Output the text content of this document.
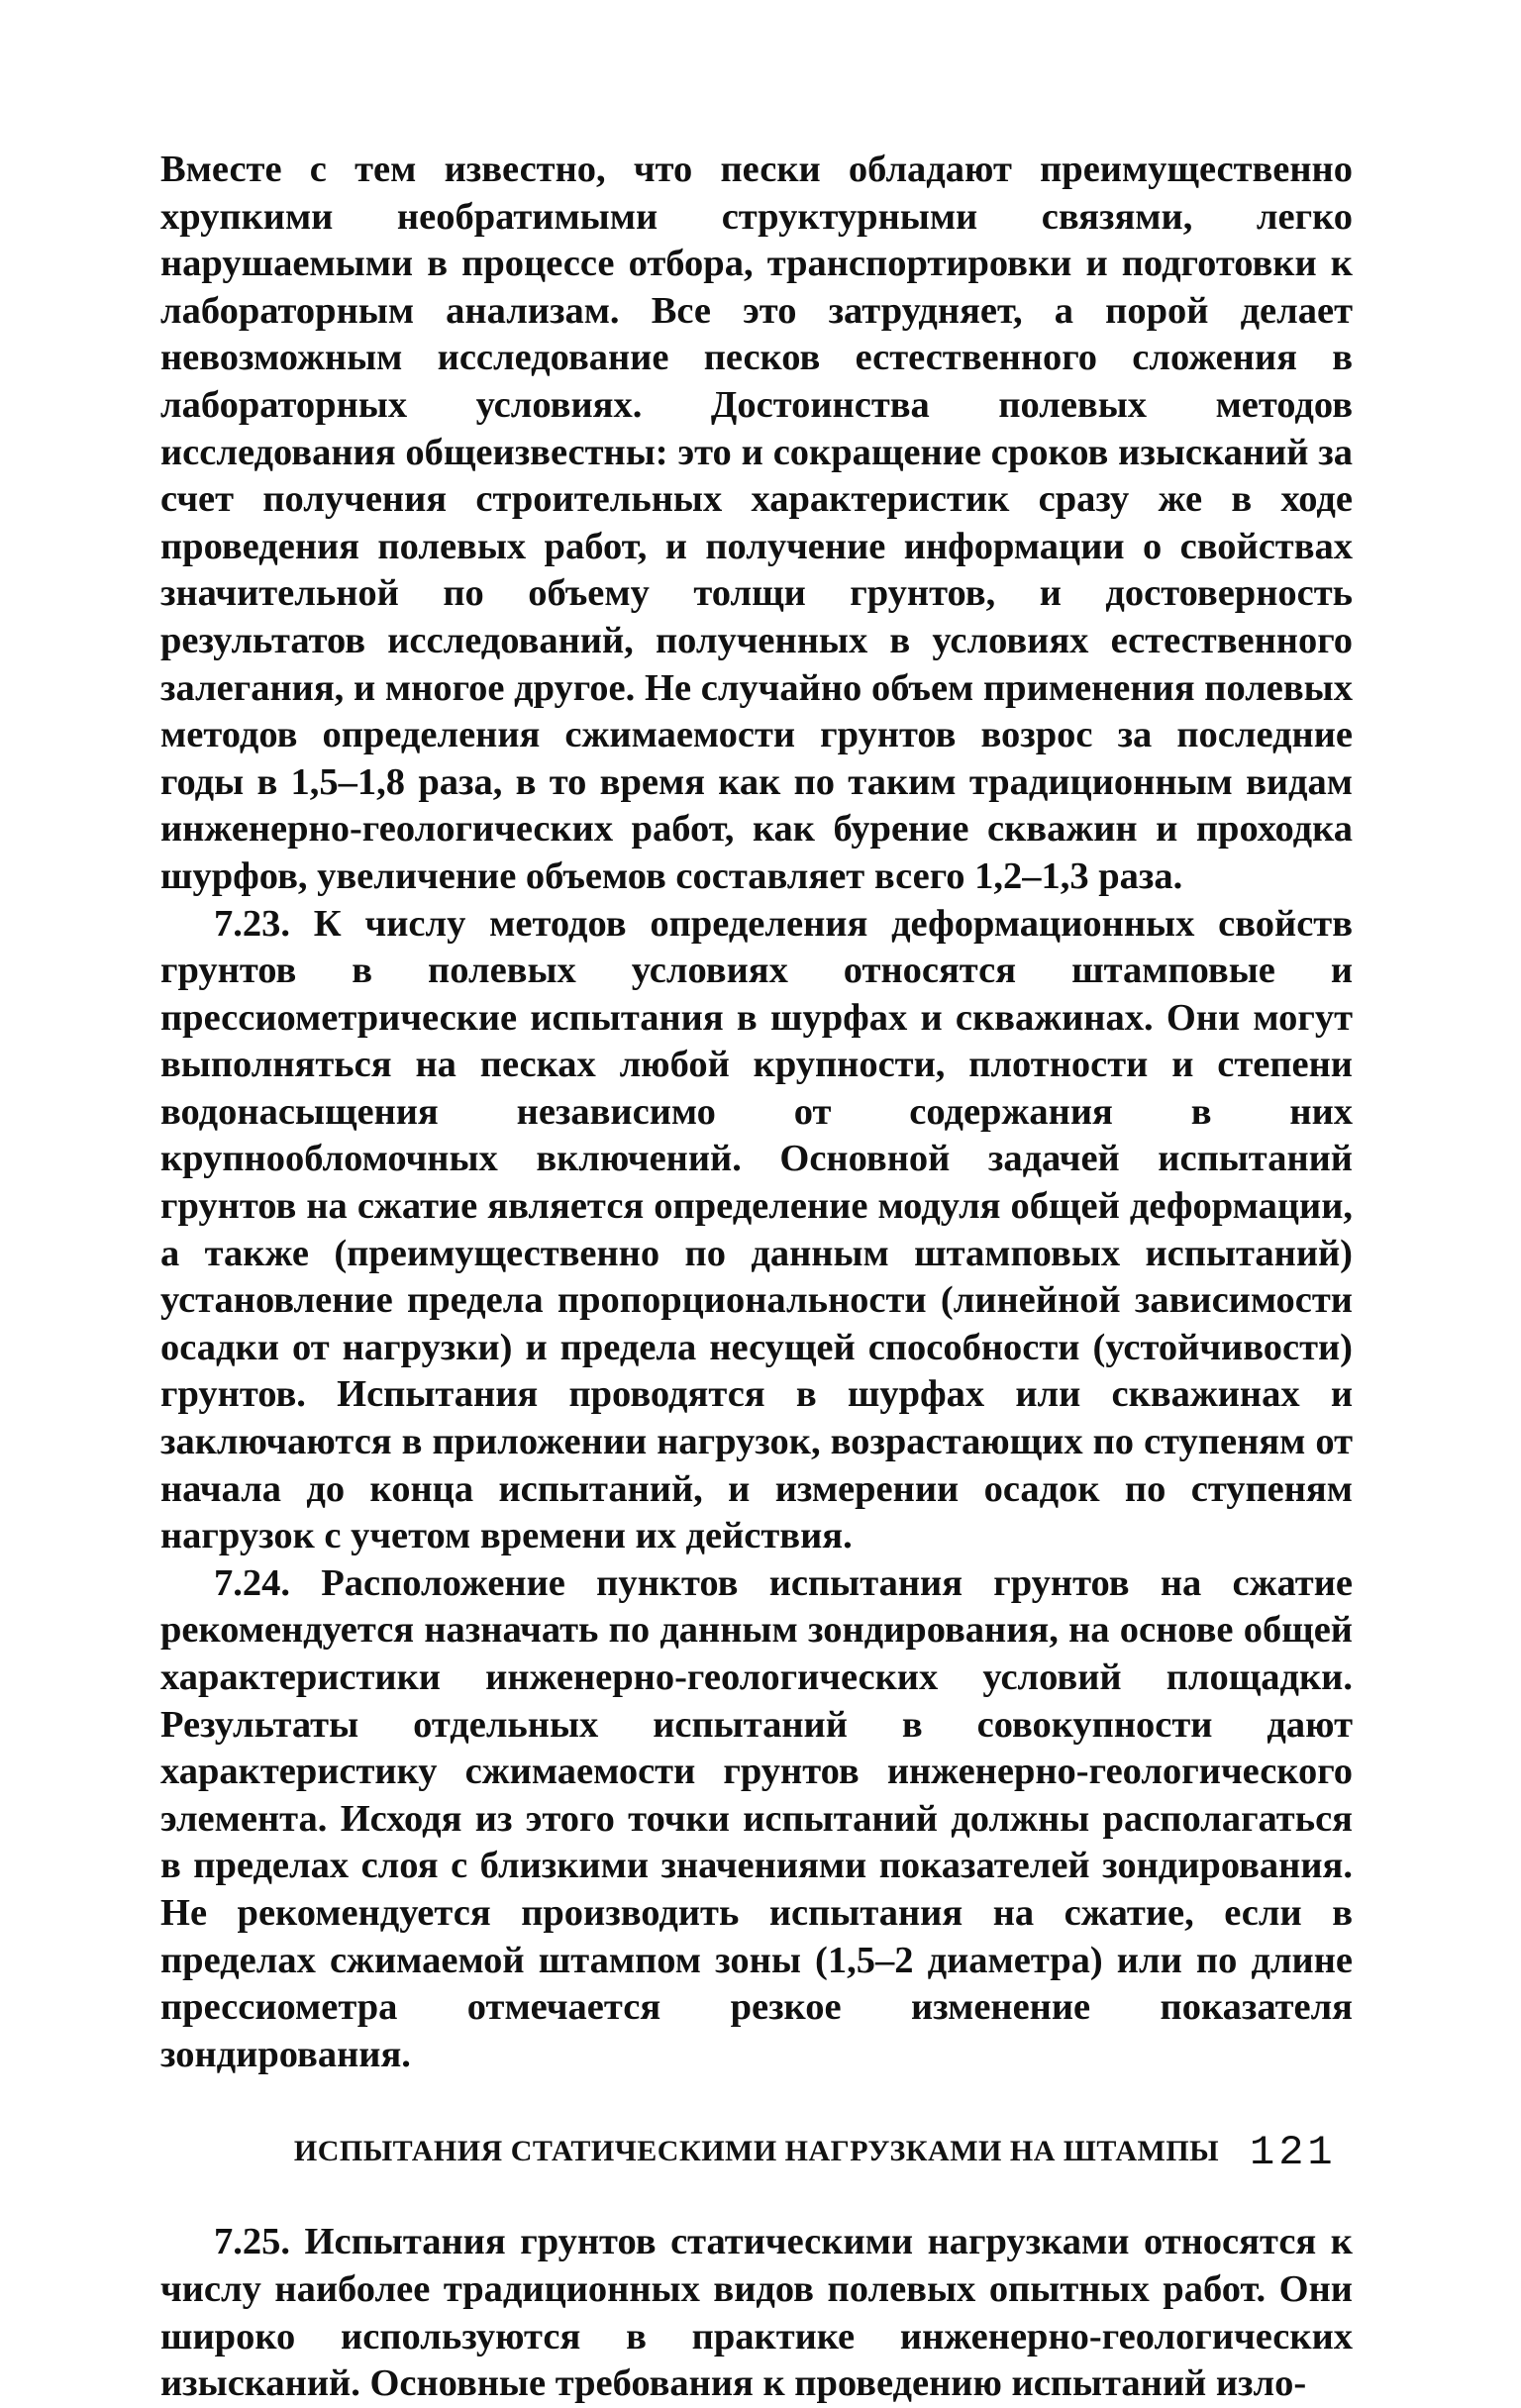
Вместе с тем известно, что пески обладают преимущественно хрупкими необратимыми структурными связями, легко нарушаемыми в процессе отбора, транспортировки и подготовки к лабораторным анализам. Все это затрудняет, а порой делает невозможным исследование песков естественного сложения в лабораторных условиях. Достоинства полевых методов исследования общеизвестны: это и сокращение сроков изысканий за счет получения строительных характеристик сразу же в ходе проведения полевых работ, и получение информации о свойствах значительной по объему толщи грунтов, и достоверность результатов исследований, полученных в условиях естественного залегания, и многое другое. Не случайно объем применения полевых методов определения сжимаемости грунтов возрос за последние годы в 1,5–1,8 раза, в то время как по таким традиционным видам инженерно-геологических работ, как бурение скважин и проходка шурфов, увеличение объемов составляет всего 1,2–1,3 раза.

7.23. К числу методов определения деформационных свойств грунтов в полевых условиях относятся штамповые и прессиометрические испытания в шурфах и скважинах. Они могут выполняться на песках любой крупности, плотности и степени водонасыщения независимо от содержания в них крупнообломочных включений. Основной задачей испытаний грунтов на сжатие является определение модуля общей деформации, а также (преимущественно по данным штамповых испытаний) установление предела пропорциональности (линейной зависимости осадки от нагрузки) и предела несущей способности (устойчивости) грунтов. Испытания проводятся в шурфах или скважинах и заключаются в приложении нагрузок, возрастающих по ступеням от начала до конца испытаний, и измерении осадок по ступеням нагрузок с учетом времени их действия.

7.24. Расположение пунктов испытания грунтов на сжатие рекомендуется назначать по данным зондирования, на основе общей характеристики инженерно-геологических условий площадки. Результаты отдельных испытаний в совокупности дают характеристику сжимаемости грунтов инженерно-геологического элемента. Исходя из этого точки испытаний должны располагаться в пределах слоя с близкими значениями показателей зондирования. Не рекомендуется производить испытания на сжатие, если в пределах сжимаемой штампом зоны (1,5–2 диаметра) или по длине прессиометра отмечается резкое изменение показателя зондирования.

ИСПЫТАНИЯ СТАТИЧЕСКИМИ НАГРУЗКАМИ НА ШТАМПЫ

7.25. Испытания грунтов статическими нагрузками относятся к числу наиболее традиционных видов полевых опытных работ. Они широко используются в практике инженерно-геологических изысканий. Основные требования к проведению испытаний изло-

121
